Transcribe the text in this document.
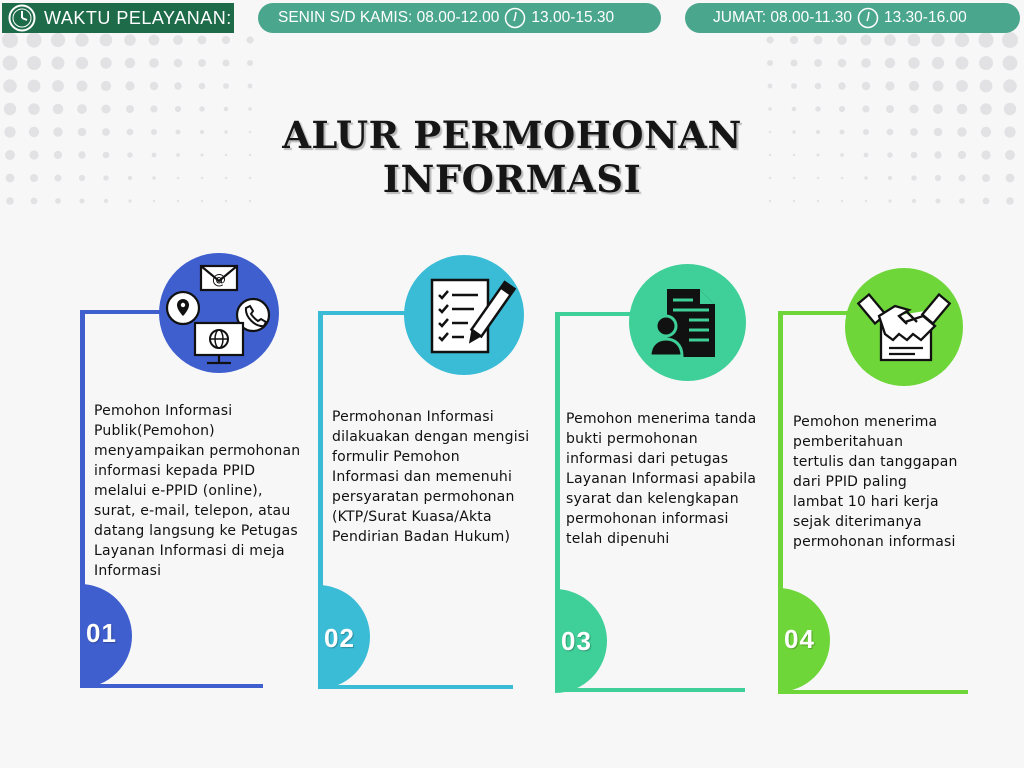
WAKTU PELAYANAN:	SENIN S/D KAMIS: 08.00-12.00 13.00-15.30	JUMAT: 08.00-11.30 13.30-16.00
ALUR PERMOHONAN
INFORMASI
01
@
Pemohon Informasi
Publik(Pemohon)
menyampaikan permohonan
informasi kepada PPID
melalui e-PPID (online),
surat, e-mail, telepon, atau
datang langsung ke Petugas
Layanan Informasi di meja
Informasi
02
Permohonan Informasi
dilakuakan dengan mengisi
formulir Pemohon
Informasi dan memenuhi
persyaratan permohonan
(KTP/Surat Kuasa/Akta
Pendirian Badan Hukum)
03
Pemohon menerima tanda
bukti permohonan
informasi dari petugas
Layanan Informasi apabila
syarat dan kelengkapan
permohonan informasi
telah dipenuhi
04
Pemohon menerima
pemberitahuan
tertulis dan tanggapan
dari PPID paling
lambat 10 hari kerja
sejak diterimanya
permohonan informasi
